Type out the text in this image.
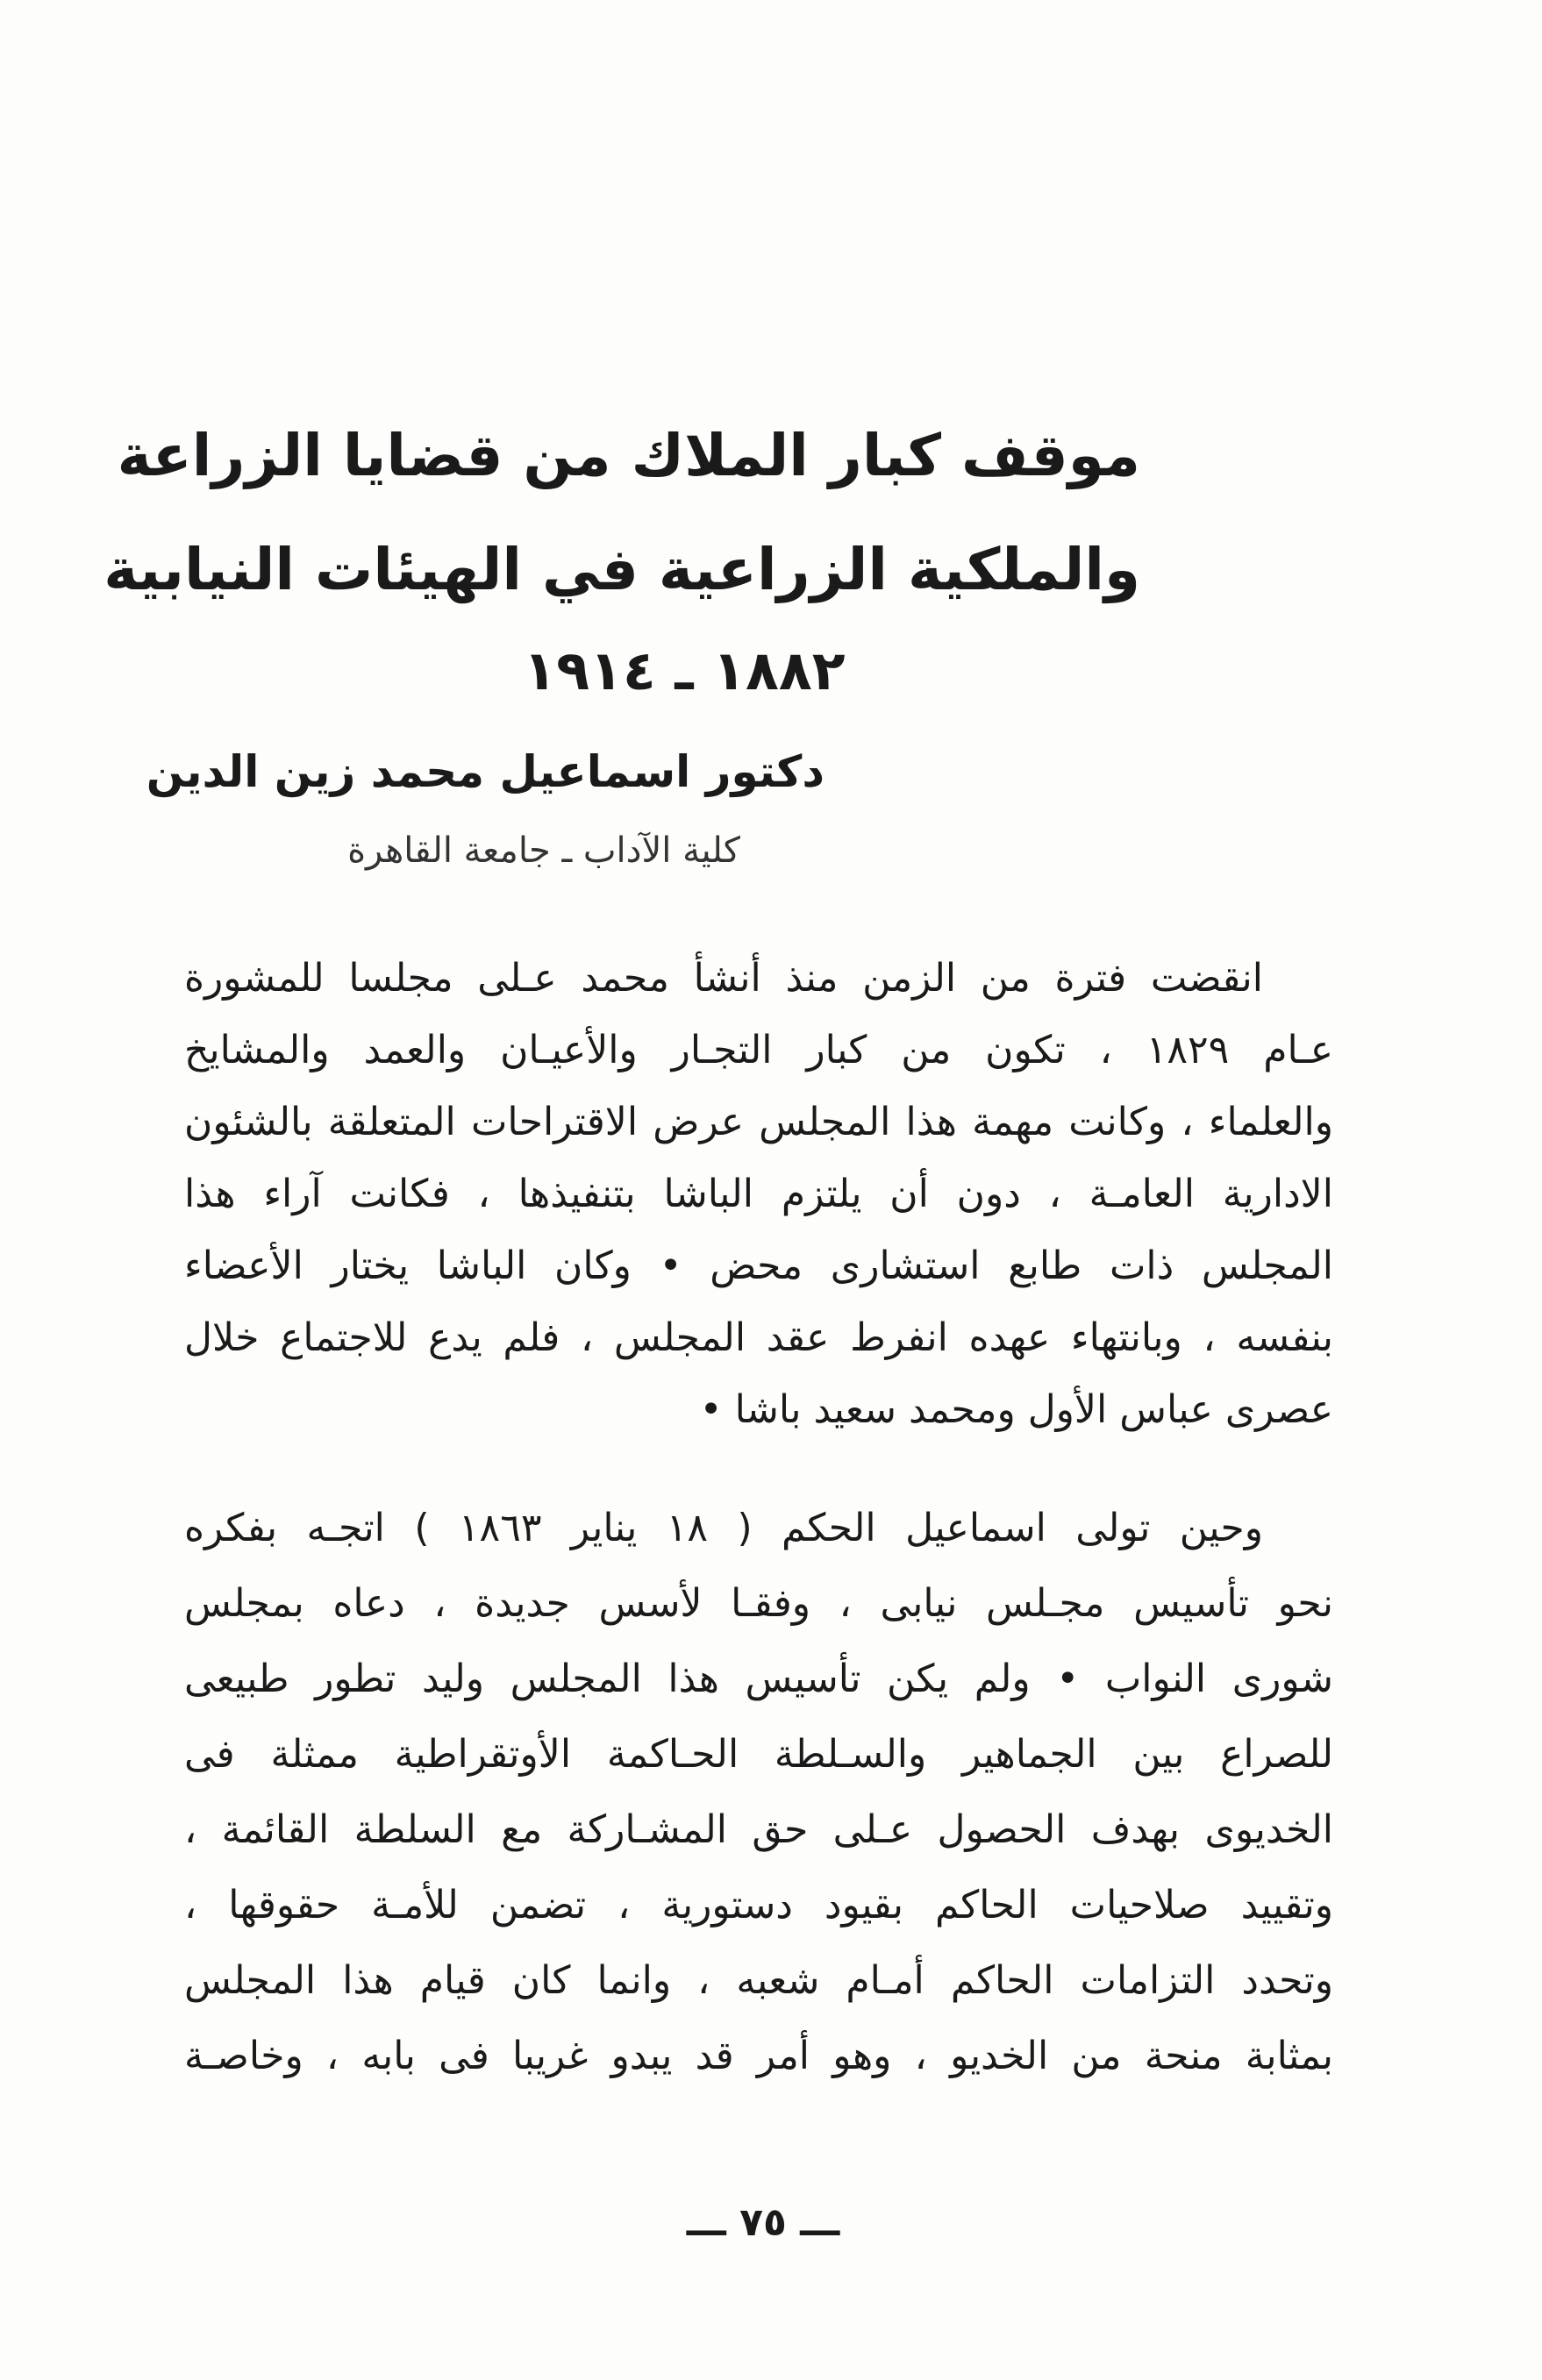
موقف كبار الملاك من قضايا الزراعة
والملكية الزراعية في الهيئات النيابية
١٨٨٢ ـ ١٩١٤
دكتور اسماعيل محمد زين الدين
كلية الآداب ـ جامعة القاهرة
انقضت فترة من الزمن منذ أنشأ محمد عـلى مجلسا للمشورة
عـام ١٨٢٩ ، تكون من كبار التجـار والأعيـان والعمد والمشايخ
والعلماء ، وكانت مهمة هذا المجلس عرض الاقتراحات المتعلقة بالشئون
الادارية العامـة ، دون أن يلتزم الباشا بتنفيذها ، فكانت آراء هذا
المجلس ذات طابع استشارى محض • وكان الباشا يختار الأعضاء
بنفسه ، وبانتهاء عهده انفرط عقد المجلس ، فلم يدع للاجتماع خلال
عصرى عباس الأول ومحمد سعيد باشا •
وحين تولى اسماعيل الحكم ( ١٨ يناير ١٨٦٣ ) اتجـه بفكره
نحو تأسيس مجـلس نيابى ، وفقـا لأسس جديدة ، دعاه بمجلس
شورى النواب • ولم يكن تأسيس هذا المجلس وليد تطور طبيعى
للصراع بين الجماهير والسـلطة الحـاكمة الأوتقراطية ممثلة فى
الخديوى بهدف الحصول عـلى حق المشـاركة مع السلطة القائمة ،
وتقييد صلاحيات الحاكم بقيود دستورية ، تضمن للأمـة حقوقها ،
وتحدد التزامات الحاكم أمـام شعبه ، وانما كان قيام هذا المجلس
بمثابة منحة من الخديو ، وهو أمر قد يبدو غريبا فى بابه ، وخاصـة
ـــ ٧٥ ـــ
